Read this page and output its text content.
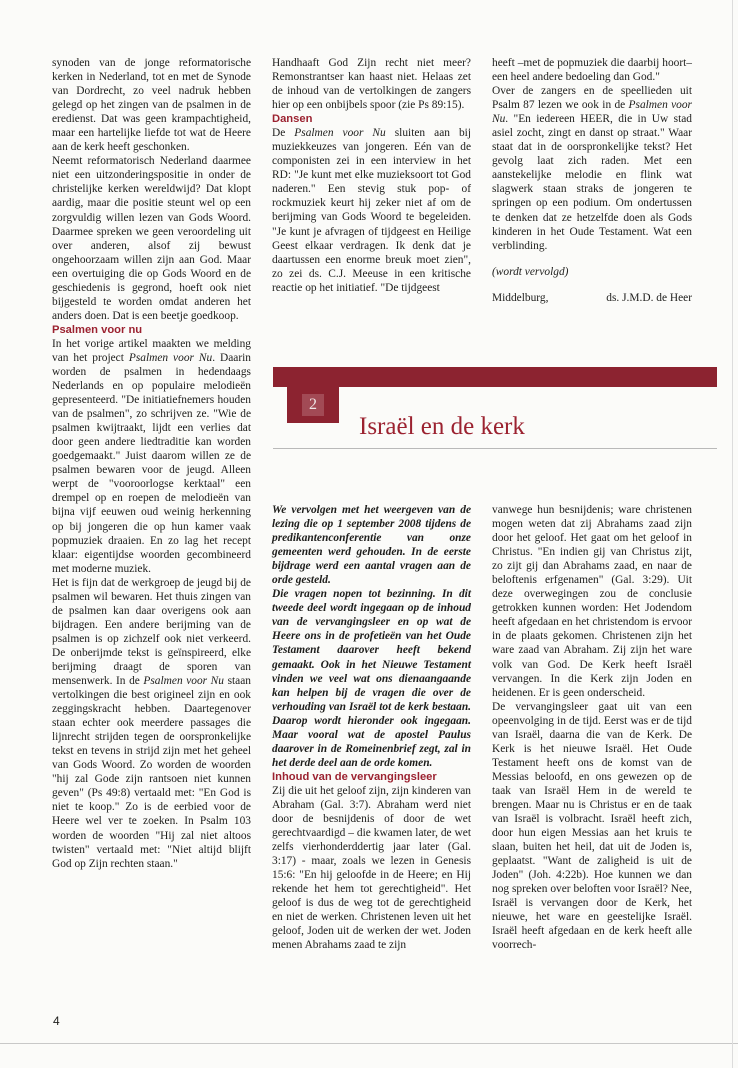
synoden van de jonge reformatorische kerken in Nederland, tot en met de Synode van Dordrecht, zo veel nadruk hebben gelegd op het zingen van de psalmen in de eredienst. Dat was geen krampachtigheid, maar een hartelijke liefde tot wat de Heere aan de kerk heeft geschonken.

Neemt reformatorisch Nederland daarmee niet een uitzonderingspositie in onder de christelijke kerken wereldwijd? Dat klopt aardig, maar die positie steunt wel op een zorgvuldig willen lezen van Gods Woord. Daarmee spreken we geen veroordeling uit over anderen, alsof zij bewust ongehoorzaam willen zijn aan God. Maar een overtuiging die op Gods Woord en de geschiedenis is gegrond, hoeft ook niet bijgesteld te worden omdat anderen het anders doen. Dat is een beetje goedkoop.

Psalmen voor nu

In het vorige artikel maakten we melding van het project Psalmen voor Nu. Daarin worden de psalmen in hedendaags Nederlands en op populaire melodieën gepresenteerd. "De initiatiefnemers houden van de psalmen", zo schrijven ze. "Wie de psalmen kwijtraakt, lijdt een verlies dat door geen andere liedtraditie kan worden goedgemaakt." Juist daarom willen ze de psalmen bewaren voor de jeugd. Alleen werpt de "vooroorlogse kerktaal" een drempel op en roepen de melodieën van bijna vijf eeuwen oud weinig herkenning op bij jongeren die op hun kamer vaak popmuziek draaien. En zo lag het recept klaar: eigentijdse woorden gecombineerd met moderne muziek.

Het is fijn dat de werkgroep de jeugd bij de psalmen wil bewaren. Het thuis zingen van de psalmen kan daar overigens ook aan bijdragen. Een andere berijming van de psalmen is op zichzelf ook niet verkeerd. De onberijmde tekst is geïnspireerd, elke berijming draagt de sporen van mensenwerk. In de Psalmen voor Nu staan vertolkingen die best origineel zijn en ook zeggingskracht hebben. Daartegenover staan echter ook meerdere passages die lijnrecht strijden tegen de oorspronkelijke tekst en tevens in strijd zijn met het geheel van Gods Woord. Zo worden de woorden "hij zal Gode zijn rantsoen niet kunnen geven" (Ps 49:8) vertaald met: "En God is niet te koop." Zo is de eerbied voor de Heere wel ver te zoeken. In Psalm 103 worden de woorden "Hij zal niet altoos twisten" vertaald met: "Niet altijd blijft God op Zijn rechten staan."

Handhaaft God Zijn recht niet meer? Remonstrantser kan haast niet. Helaas zet de inhoud van de vertolkingen de zangers hier op een onbijbels spoor (zie Ps 89:15).

Dansen

De Psalmen voor Nu sluiten aan bij muziekkeuzes van jongeren. Eén van de componisten zei in een interview in het RD: "Je kunt met elke muzieksoort tot God naderen." Een stevig stuk pop- of rockmuziek keurt hij zeker niet af om de berijming van Gods Woord te begeleiden. "Je kunt je afvragen of tijdgeest en Heilige Geest elkaar verdragen. Ik denk dat je daartussen een enorme breuk moet zien", zo zei ds. C.J. Meeuse in een kritische reactie op het initiatief. "De tijdgeest

heeft –met de popmuziek die daarbij hoort– een heel andere bedoeling dan God."

Over de zangers en de speellieden uit Psalm 87 lezen we ook in de Psalmen voor Nu. "En iedereen HEER, die in Uw stad asiel zocht, zingt en danst op straat." Waar staat dat in de oorspronkelijke tekst? Het gevolg laat zich raden. Met een aanstekelijke melodie en flink wat slagwerk staan straks de jongeren te springen op een podium. Om ondertussen te denken dat ze hetzelfde doen als Gods kinderen in het Oude Testament. Wat een verblinding.

(wordt vervolgd)

Middelburg,	ds. J.M.D. de Heer

2
Israël en de kerk

We vervolgen met het weergeven van de lezing die op 1 september 2008 tijdens de predikantenconferentie van onze gemeenten werd gehouden. In de eerste bijdrage werd een aantal vragen aan de orde gesteld.

Die vragen nopen tot bezinning. In dit tweede deel wordt ingegaan op de inhoud van de vervangingsleer en op wat de Heere ons in de profetieën van het Oude Testament daarover heeft bekend gemaakt. Ook in het Nieuwe Testament vinden we veel wat ons dienaangaande kan helpen bij de vragen die over de verhouding van Israël tot de kerk bestaan. Daarop wordt hieronder ook ingegaan. Maar vooral wat de apostel Paulus daarover in de Romeinenbrief zegt, zal in het derde deel aan de orde komen.

Inhoud van de vervangingsleer

Zij die uit het geloof zijn, zijn kinderen van Abraham (Gal. 3:7). Abraham werd niet door de besnijdenis of door de wet gerechtvaardigd – die kwamen later, de wet zelfs vierhonderddertig jaar later (Gal. 3:17) - maar, zoals we lezen in Genesis 15:6: "En hij geloofde in de Heere; en Hij rekende het hem tot gerechtigheid". Het geloof is dus de weg tot de gerechtigheid en niet de werken. Christenen leven uit het geloof, Joden uit de werken der wet. Joden menen Abrahams zaad te zijn

vanwege hun besnijdenis; ware christenen mogen weten dat zij Abrahams zaad zijn door het geloof. Het gaat om het geloof in Christus. "En indien gij van Christus zijt, zo zijt gij dan Abrahams zaad, en naar de beloftenis erfgenamen" (Gal. 3:29). Uit deze overwegingen zou de conclusie getrokken kunnen worden: Het Jodendom heeft afgedaan en het christendom is ervoor in de plaats gekomen. Christenen zijn het ware zaad van Abraham. Zij zijn het ware volk van God. De Kerk heeft Israël vervangen. In die Kerk zijn Joden en heidenen. Er is geen onderscheid.

De vervangingsleer gaat uit van een opeenvolging in de tijd. Eerst was er de tijd van Israël, daarna die van de Kerk. De Kerk is het nieuwe Israël. Het Oude Testament heeft ons de komst van de Messias beloofd, en ons gewezen op de taak van Israël Hem in de wereld te brengen. Maar nu is Christus er en de taak van Israël is volbracht. Israël heeft zich, door hun eigen Messias aan het kruis te slaan, buiten het heil, dat uit de Joden is, geplaatst. "Want de zaligheid is uit de Joden" (Joh. 4:22b). Hoe kunnen we dan nog spreken over beloften voor Israël? Nee, Israël is vervangen door de Kerk, het nieuwe, het ware en geestelijke Israël. Israël heeft afgedaan en de kerk heeft alle voorrech-

4
